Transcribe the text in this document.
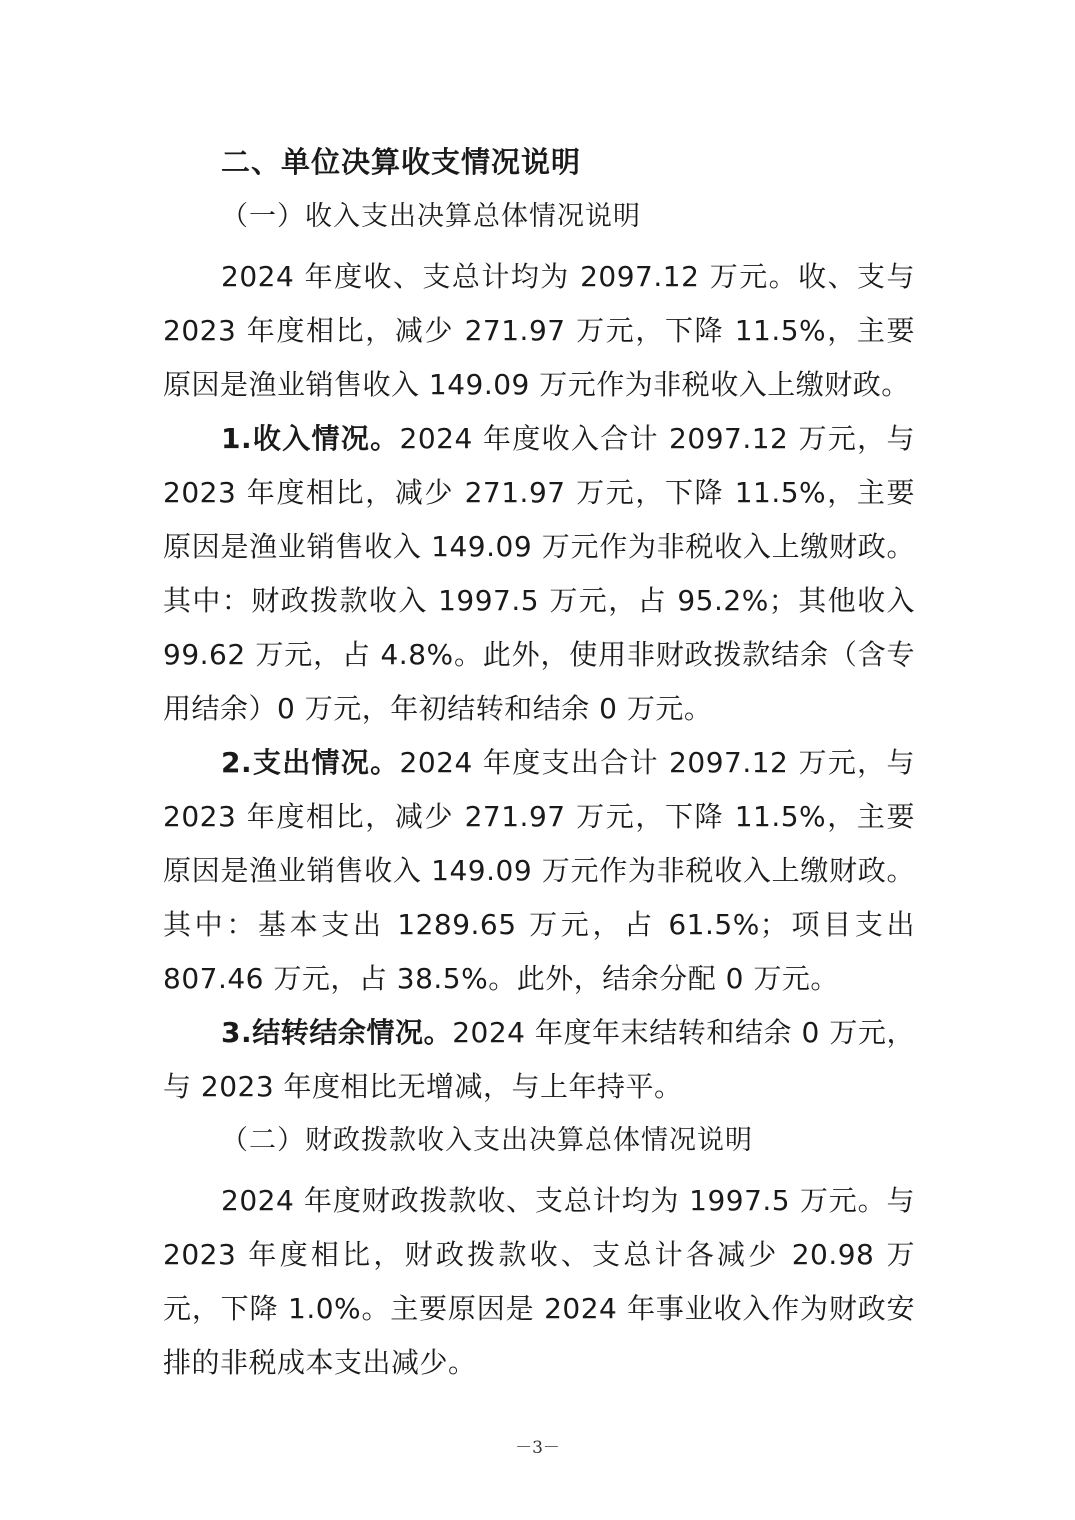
二、单位决算收支情况说明
（一）收入支出决算总体情况说明

2024 年度收、支总计均为 2097.12 万元。收、支与 2023 年度相比，减少 271.97 万元，下降 11.5%，主要原因是渔业销售收入 149.09 万元作为非税收入上缴财政。

1.收入情况。2024 年度收入合计 2097.12 万元，与 2023 年度相比，减少 271.97 万元，下降 11.5%，主要原因是渔业销售收入 149.09 万元作为非税收入上缴财政。其中：财政拨款收入 1997.5 万元，占 95.2%；其他收入 99.62 万元，占 4.8%。此外，使用非财政拨款结余（含专用结余）0 万元，年初结转和结余 0 万元。

2.支出情况。2024 年度支出合计 2097.12 万元，与 2023 年度相比，减少 271.97 万元，下降 11.5%，主要原因是渔业销售收入 149.09 万元作为非税收入上缴财政。其中：基本支出 1289.65 万元，占 61.5%；项目支出 807.46 万元，占 38.5%。此外，结余分配 0 万元。

3.结转结余情况。2024 年度年末结转和结余 0 万元，与 2023 年度相比无增减，与上年持平。

（二）财政拨款收入支出决算总体情况说明

2024 年度财政拨款收、支总计均为 1997.5 万元。与 2023 年度相比，财政拨款收、支总计各减少 20.98 万元，下降 1.0%。主要原因是 2024 年事业收入作为财政安排的非税成本支出减少。

－3－
